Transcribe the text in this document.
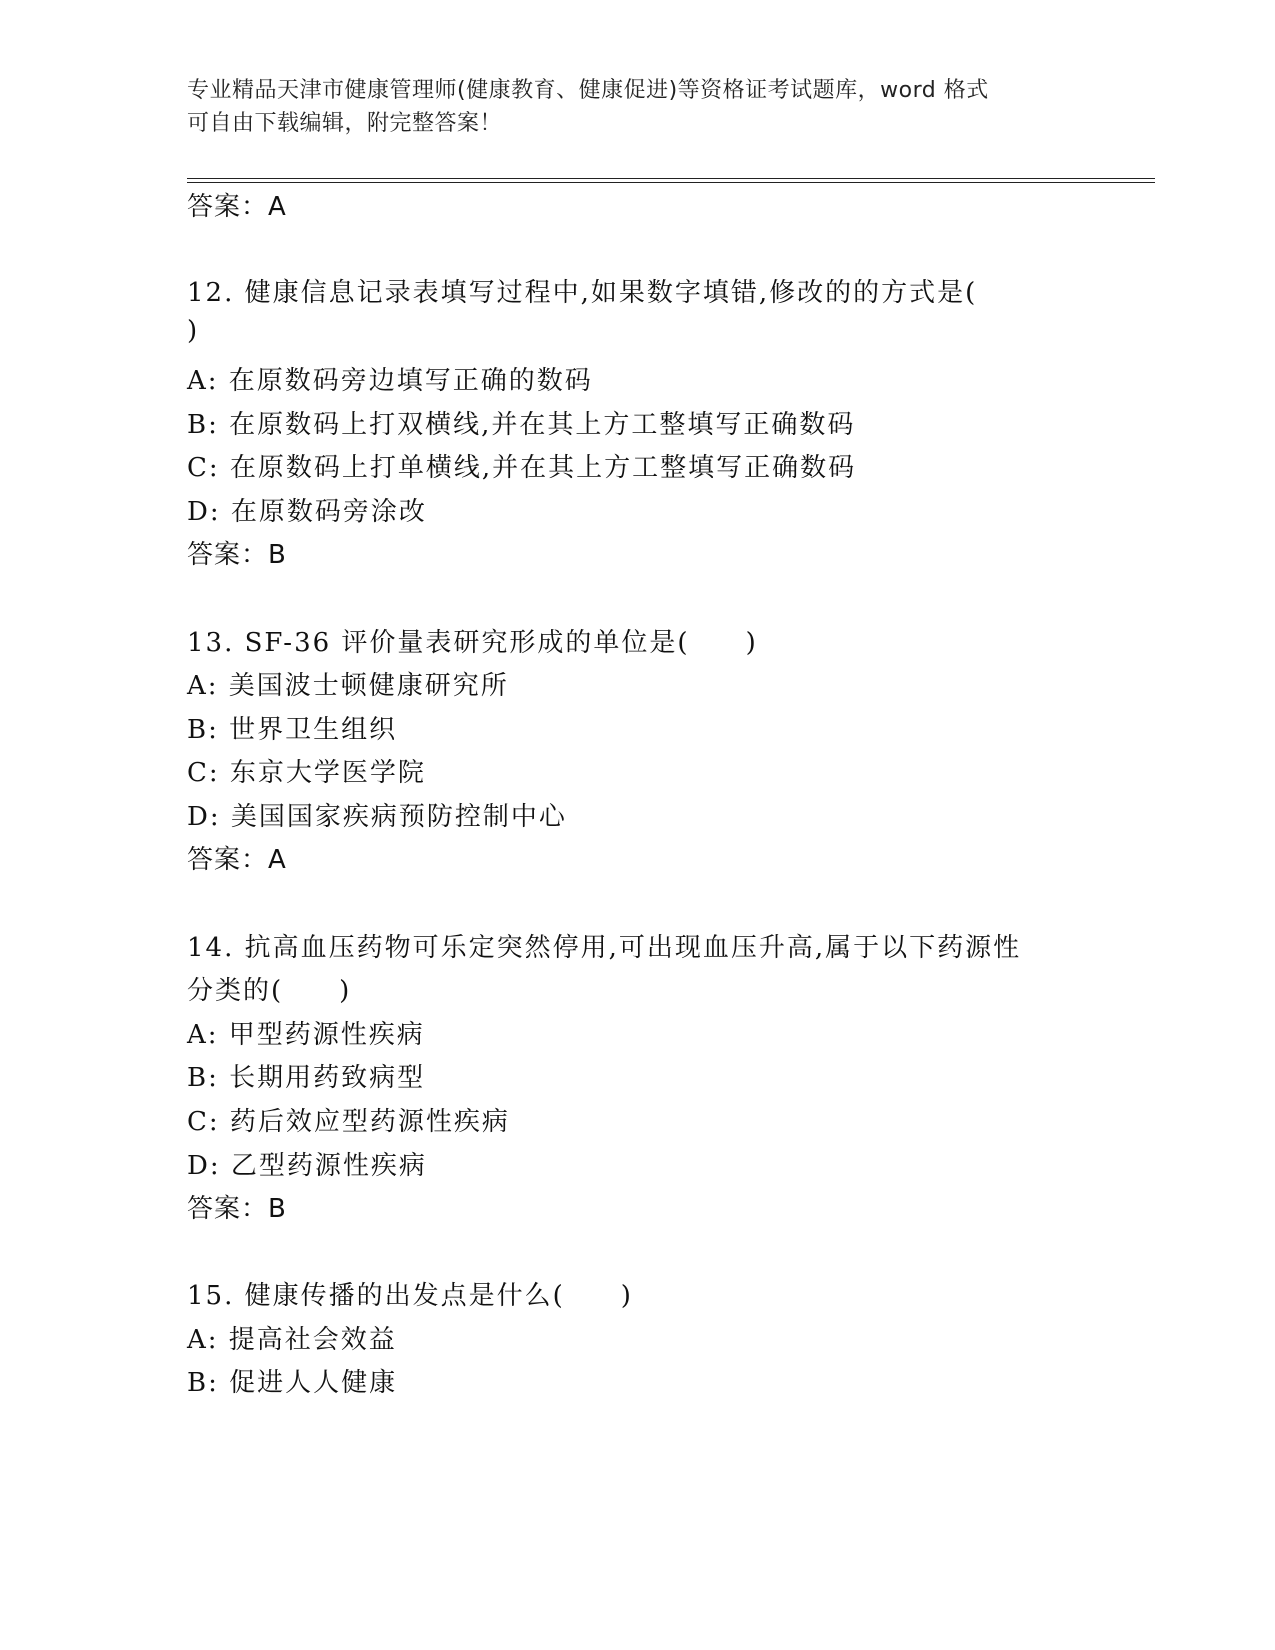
专业精品天津市健康管理师(健康教育、健康促进)等资格证考试题库，word 格式
可自由下载编辑，附完整答案！
答案：A
12. 健康信息记录表填写过程中,如果数字填错,修改的的方式是(
)
A: 在原数码旁边填写正确的数码
B: 在原数码上打双横线,并在其上方工整填写正确数码
C: 在原数码上打单横线,并在其上方工整填写正确数码
D: 在原数码旁涂改
答案：B
13. SF-36 评价量表研究形成的单位是(　　)
A: 美国波士顿健康研究所
B: 世界卫生组织
C: 东京大学医学院
D: 美国国家疾病预防控制中心
答案：A
14. 抗高血压药物可乐定突然停用,可出现血压升高,属于以下药源性
分类的(　　)
A: 甲型药源性疾病
B: 长期用药致病型
C: 药后效应型药源性疾病
D: 乙型药源性疾病
答案：B
15. 健康传播的出发点是什么(　　)
A: 提高社会效益
B: 促进人人健康
